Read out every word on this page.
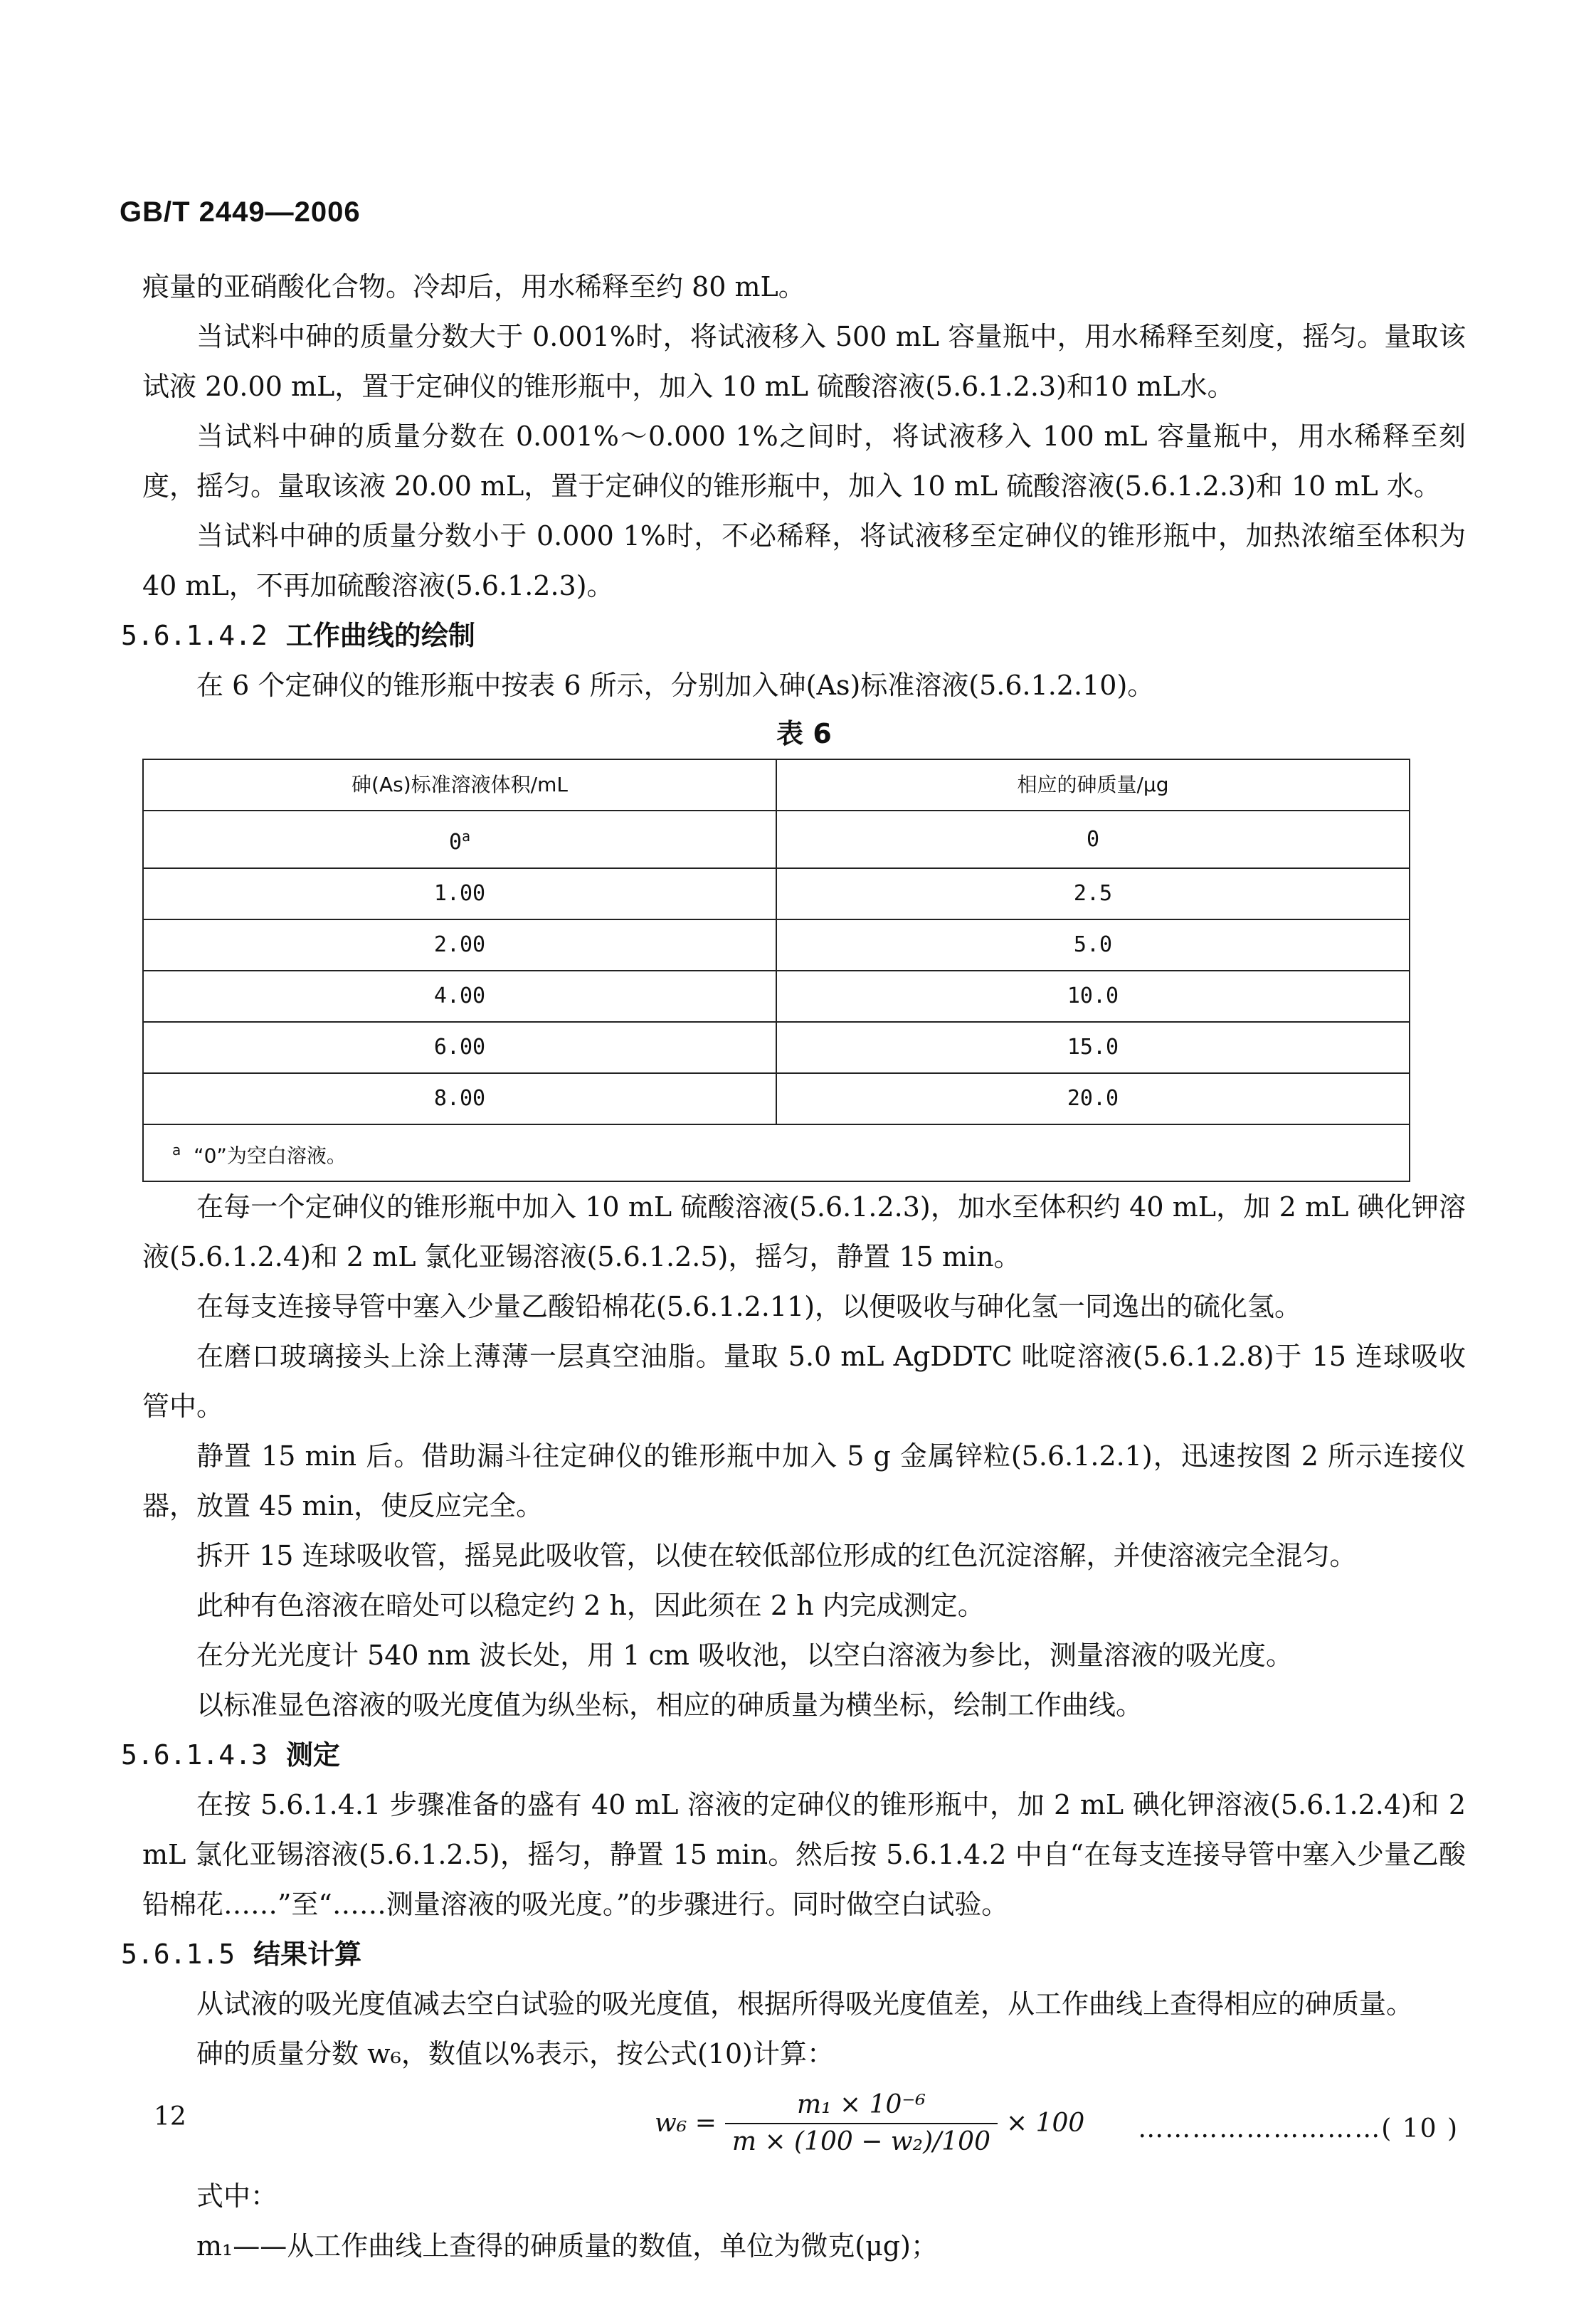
GB/T 2449—2006

痕量的亚硝酸化合物。冷却后，用水稀释至约 80 mL。

当试料中砷的质量分数大于 0.001%时，将试液移入 500 mL 容量瓶中，用水稀释至刻度，摇匀。量取该试液 20.00 mL，置于定砷仪的锥形瓶中，加入 10 mL 硫酸溶液(5.6.1.2.3)和10 mL水。

当试料中砷的质量分数在 0.001%～0.000 1%之间时，将试液移入 100 mL 容量瓶中，用水稀释至刻度，摇匀。量取该液 20.00 mL，置于定砷仪的锥形瓶中，加入 10 mL 硫酸溶液(5.6.1.2.3)和 10 mL 水。

当试料中砷的质量分数小于 0.000 1%时，不必稀释，将试液移至定砷仪的锥形瓶中，加热浓缩至体积为 40 mL，不再加硫酸溶液(5.6.1.2.3)。

5.6.1.4.2 工作曲线的绘制

在 6 个定砷仪的锥形瓶中按表 6 所示，分别加入砷(As)标准溶液(5.6.1.2.10)。

表 6
砷(As)标准溶液体积/mL	相应的砷质量/μg
0$^a$	0
1.00	2.5
2.00	5.0
4.00	10.0
6.00	15.0
8.00	20.0
$^a$ “0”为空白溶液。	

在每一个定砷仪的锥形瓶中加入 10 mL 硫酸溶液(5.6.1.2.3)，加水至体积约 40 mL，加 2 mL 碘化钾溶液(5.6.1.2.4)和 2 mL 氯化亚锡溶液(5.6.1.2.5)，摇匀，静置 15 min。

在每支连接导管中塞入少量乙酸铅棉花(5.6.1.2.11)，以便吸收与砷化氢一同逸出的硫化氢。

在磨口玻璃接头上涂上薄薄一层真空油脂。量取 5.0 mL AgDDTC 吡啶溶液(5.6.1.2.8)于 15 连球吸收管中。

静置 15 min 后。借助漏斗往定砷仪的锥形瓶中加入 5 g 金属锌粒(5.6.1.2.1)，迅速按图 2 所示连接仪器，放置 45 min，使反应完全。

拆开 15 连球吸收管，摇晃此吸收管，以使在较低部位形成的红色沉淀溶解，并使溶液完全混匀。

此种有色溶液在暗处可以稳定约 2 h，因此须在 2 h 内完成测定。

在分光光度计 540 nm 波长处，用 1 cm 吸收池，以空白溶液为参比，测量溶液的吸光度。

以标准显色溶液的吸光度值为纵坐标，相应的砷质量为横坐标，绘制工作曲线。

5.6.1.4.3 测定

在按 5.6.1.4.1 步骤准备的盛有 40 mL 溶液的定砷仪的锥形瓶中，加 2 mL 碘化钾溶液(5.6.1.2.4)和 2 mL 氯化亚锡溶液(5.6.1.2.5)，摇匀，静置 15 min。然后按 5.6.1.4.2 中自“在每支连接导管中塞入少量乙酸铅棉花……”至“……测量溶液的吸光度。”的步骤进行。同时做空白试验。

5.6.1.5 结果计算

从试液的吸光度值减去空白试验的吸光度值，根据所得吸光度值差，从工作曲线上查得相应的砷质量。

砷的质量分数 w₆，数值以%表示，按公式(10)计算：

$w_6 = \frac{\text{m₁ × 10⁻⁶}}{\text{m × (100 − w₂)/100}} \times 100$ ………………………( 10 )

式中：

m₁——从工作曲线上查得的砷质量的数值，单位为微克(μg)；

12
